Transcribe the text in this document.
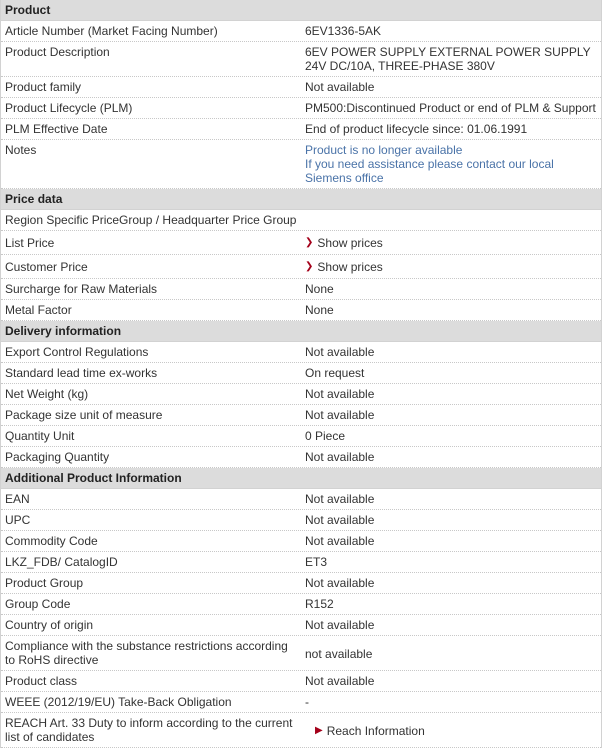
Product
Article Number (Market Facing Number)	6EV1336-5AK
Product Description	6EV POWER SUPPLY EXTERNAL POWER SUPPLY 24V DC/10A, THREE-PHASE 380V
Product family	Not available
Product Lifecycle (PLM)	PM500:Discontinued Product or end of PLM & Support
PLM Effective Date	End of product lifecycle since: 01.06.1991
Notes	Product is no longer available
If you need assistance please contact our local Siemens office
Price data
Region Specific PriceGroup / Headquarter Price Group
List Price	❯ Show prices
Customer Price	❯ Show prices
Surcharge for Raw Materials	None
Metal Factor	None
Delivery information
Export Control Regulations	Not available
Standard lead time ex-works	On request
Net Weight (kg)	Not available
Package size unit of measure	Not available
Quantity Unit	0 Piece
Packaging Quantity	Not available
Additional Product Information
EAN	Not available
UPC	Not available
Commodity Code	Not available
LKZ_FDB/ CatalogID	ET3
Product Group	Not available
Group Code	R152
Country of origin	Not available
Compliance with the substance restrictions according to RoHS directive	not available
Product class	Not available
WEEE (2012/19/EU) Take-Back Obligation	-
REACH Art. 33 Duty to inform according to the current list of candidates	▶ Reach Information
